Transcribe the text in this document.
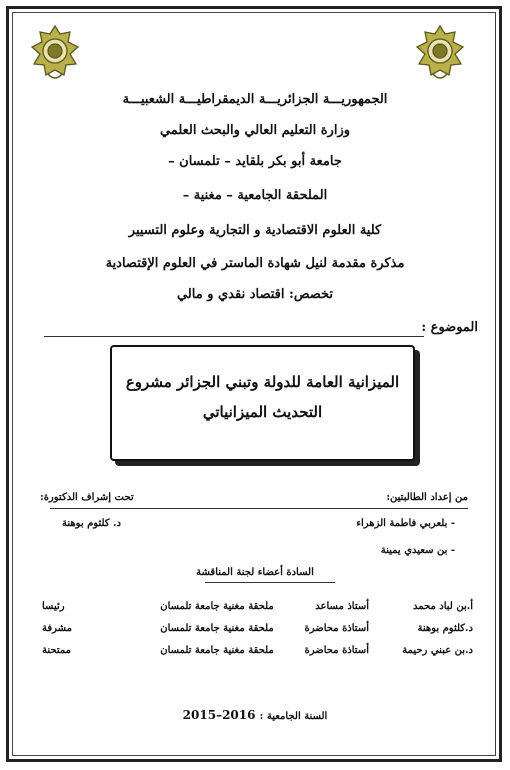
الجمهوريـــة الجزائريـــة الديمقراطيـــة الشعبيـــة
وزارة التعليم العالي والبحث العلمي
جامعة أبو بكر بلقايد – تلمسان –
الملحقة الجامعية – مغنية –
كلية العلوم الاقتصادية و التجارية وعلوم التسيير
مذكرة مقدمة لنيل شهادة الماستر في العلوم الإقتصادية
تخصص: اقتصاد نقدي و مالي
الموضوع :
الميزانية العامة للدولة وتبني الجزائر مشروع
التحديث الميزانياتي
من إعداد الطالبتين:
تحت إشراف الدكتورة:
- بلعربي فاطمة الزهراء
د. كلثوم بوهنة
- بن سعيدي يمينة
السادة أعضاء لجنة المناقشة
أ.بن لباد محمد	أستاذ مساعد	ملحقة مغنية جامعة تلمسان	رئيسا
د.كلثوم بوهنة	أستاذة محاضرة	ملحقة مغنية جامعة تلمسان	مشرفة
د.بن عبني رحيمة	أستاذة محاضرة	ملحقة مغنية جامعة تلمسان	ممتحنة
السنة الجامعية : 2015–2016
